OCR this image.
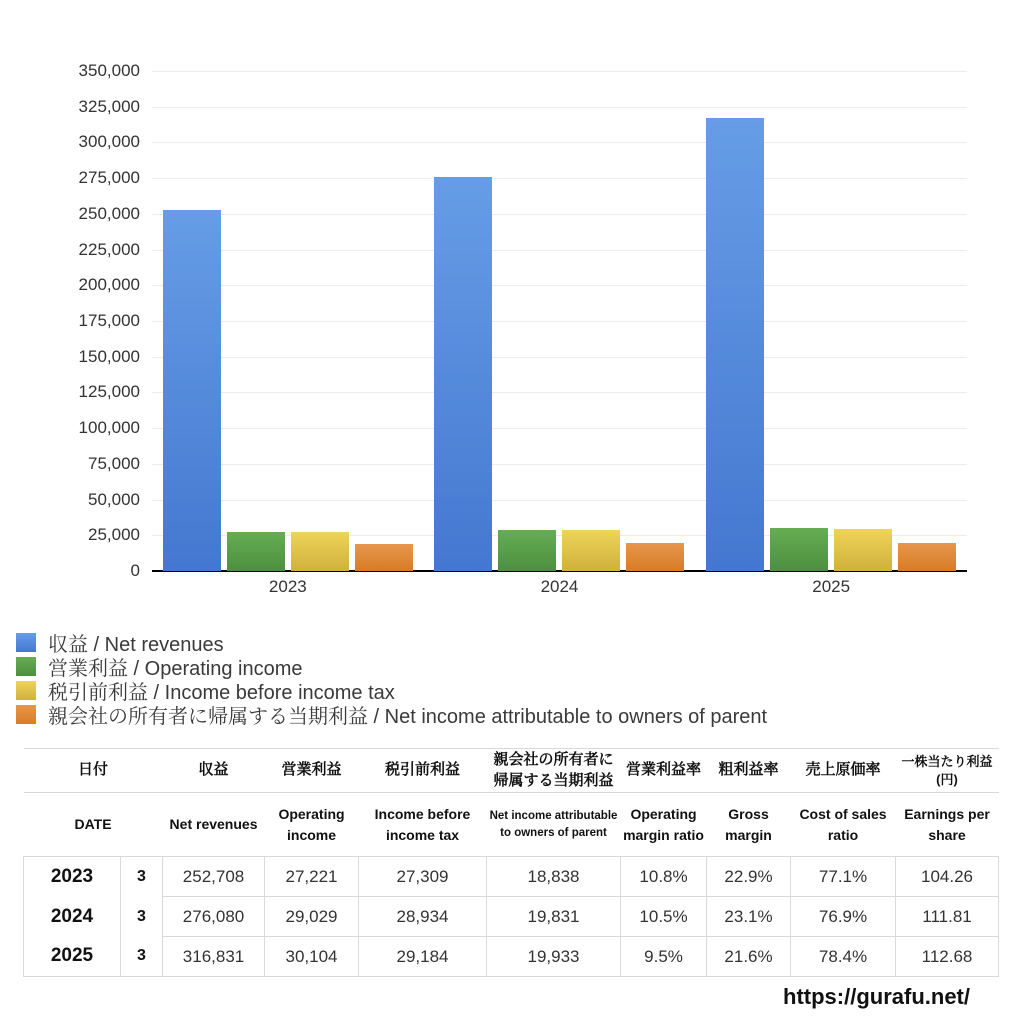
0
25,000
50,000
75,000
100,000
125,000
150,000
175,000
200,000
225,000
250,000
275,000
300,000
325,000
350,000
2023	2024	2025
収益 / Net revenues
営業利益 / Operating income
税引前利益 / Income before income tax
親会社の所有者に帰属する当期利益 / Net income attributable to owners of parent
日付		収益	営業利益	税引前利益	親会社の所有者に帰属する当期利益	営業利益率	粗利益率	売上原価率	一株当たり利益(円)
DATE		Net revenues	Operating income	Income before income tax	Net income attributable to owners of parent	Operating margin ratio	Gross margin	Cost of sales ratio	Earnings per share
2023	3	252,708	27,221	27,309	18,838	10.8%	22.9%	77.1%	104.26
2024	3	276,080	29,029	28,934	19,831	10.5%	23.1%	76.9%	111.81
2025	3	316,831	30,104	29,184	19,933	9.5%	21.6%	78.4%	112.68
https://gurafu.net/
